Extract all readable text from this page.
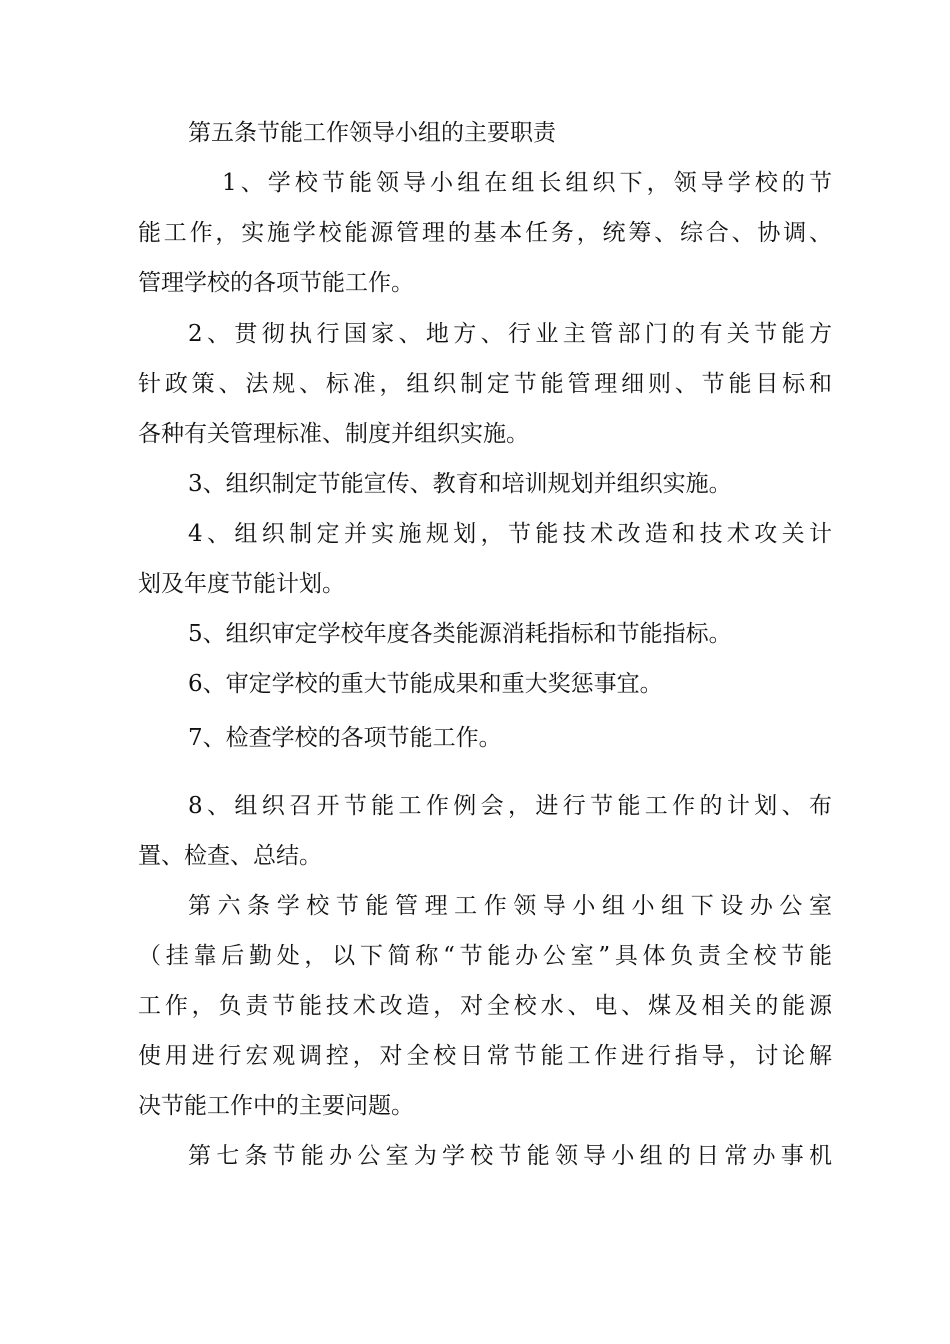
第五条节能工作领导小组的主要职责
1、学校节能领导小组在组长组织下，领导学校的节
能工作，实施学校能源管理的基本任务，统筹、综合、协调、
管理学校的各项节能工作。
2、贯彻执行国家、地方、行业主管部门的有关节能方
针政策、法规、标准，组织制定节能管理细则、节能目标和
各种有关管理标准、制度并组织实施。
3、组织制定节能宣传、教育和培训规划并组织实施。
4、组织制定并实施规划，节能技术改造和技术攻关计
划及年度节能计划。
5、组织审定学校年度各类能源消耗指标和节能指标。
6、审定学校的重大节能成果和重大奖惩事宜。
7、检查学校的各项节能工作。
8、组织召开节能工作例会，进行节能工作的计划、布
置、检查、总结。
第六条学校节能管理工作领导小组小组下设办公室
（挂靠后勤处，以下简称“节能办公室”具体负责全校节能
工作，负责节能技术改造，对全校水、电、煤及相关的能源
使用进行宏观调控，对全校日常节能工作进行指导，讨论解
决节能工作中的主要问题。
第七条节能办公室为学校节能领导小组的日常办事机
